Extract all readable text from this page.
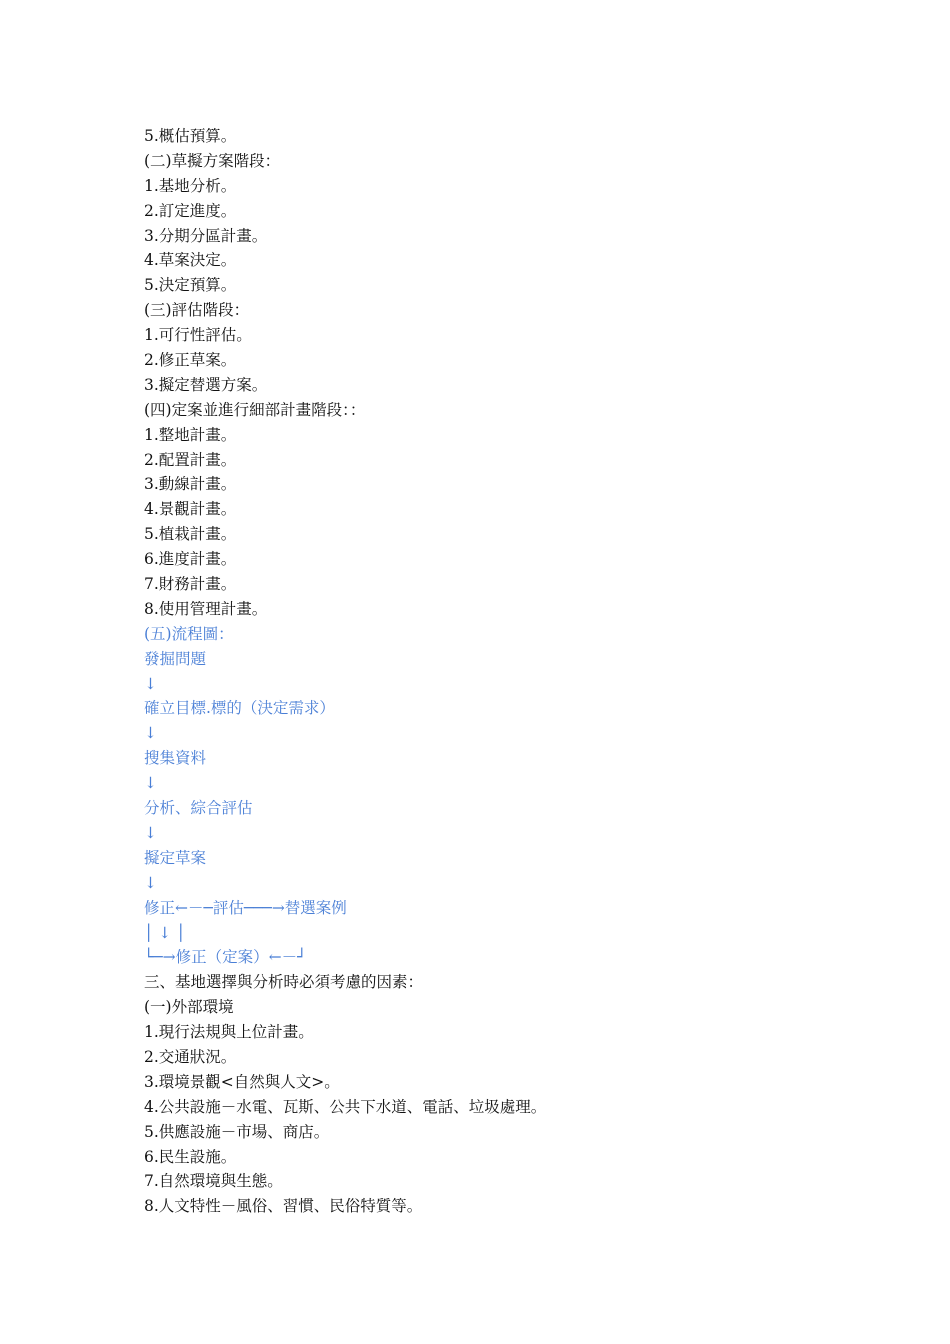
5.概估預算。
(二)草擬方案階段：
1.基地分析。
2.訂定進度。
3.分期分區計畫。
4.草案決定。
5.決定預算。
(三)評估階段：
1.可行性評估。
2.修正草案。
3.擬定替選方案。
(四)定案並進行細部計畫階段：：
1.整地計畫。
2.配置計畫。
3.動線計畫。
4.景觀計畫。
5.植栽計畫。
6.進度計畫。
7.財務計畫。
8.使用管理計畫。
(五)流程圖：
發掘問題
↓
確立目標.標的（決定需求）
↓
搜集資料
↓
分析、綜合評估
↓
擬定草案
↓
修正←－─評估───→替選案例
│ ↓ │
└─→修正（定案）←－┘
三、基地選擇與分析時必須考慮的因素：
(一)外部環境
1.現行法規與上位計畫。
2.交通狀況。
3.環境景觀<自然與人文>。
4.公共設施－水電、瓦斯、公共下水道、電話、垃圾處理。
5.供應設施－市場、商店。
6.民生設施。
7.自然環境與生態。
8.人文特性－風俗、習慣、民俗特質等。
